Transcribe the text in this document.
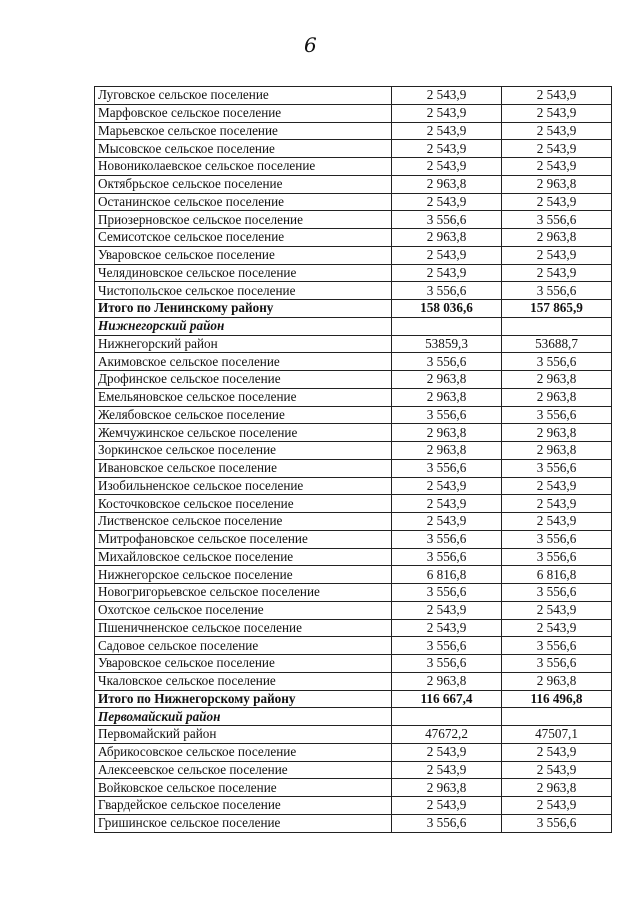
6
Луговское сельское поселение	2 543,9	2 543,9
Марфовское сельское поселение	2 543,9	2 543,9
Марьевское сельское поселение	2 543,9	2 543,9
Мысовское сельское поселение	2 543,9	2 543,9
Новониколаевское сельское поселение	2 543,9	2 543,9
Октябрьское сельское поселение	2 963,8	2 963,8
Останинское сельское поселение	2 543,9	2 543,9
Приозерновское сельское поселение	3 556,6	3 556,6
Семисотское сельское поселение	2 963,8	2 963,8
Уваровское сельское поселение	2 543,9	2 543,9
Челядиновское сельское поселение	2 543,9	2 543,9
Чистопольское сельское поселение	3 556,6	3 556,6
Итого по Ленинскому району	158 036,6	157 865,9
Нижнегорский район		
Нижнегорский район	53859,3	53688,7
Акимовское сельское поселение	3 556,6	3 556,6
Дрофинское сельское поселение	2 963,8	2 963,8
Емельяновское сельское поселение	2 963,8	2 963,8
Желябовское сельское поселение	3 556,6	3 556,6
Жемчужинское сельское поселение	2 963,8	2 963,8
Зоркинское сельское поселение	2 963,8	2 963,8
Ивановское сельское поселение	3 556,6	3 556,6
Изобильненское сельское поселение	2 543,9	2 543,9
Косточковское сельское поселение	2 543,9	2 543,9
Лиственское сельское поселение	2 543,9	2 543,9
Митрофановское сельское поселение	3 556,6	3 556,6
Михайловское сельское поселение	3 556,6	3 556,6
Нижнегорское сельское поселение	6 816,8	6 816,8
Новогригорьевское сельское поселение	3 556,6	3 556,6
Охотское сельское поселение	2 543,9	2 543,9
Пшеничненское сельское поселение	2 543,9	2 543,9
Садовое сельское поселение	3 556,6	3 556,6
Уваровское сельское поселение	3 556,6	3 556,6
Чкаловское сельское поселение	2 963,8	2 963,8
Итого по Нижнегорскому району	116 667,4	116 496,8
Первомайский район		
Первомайский район	47672,2	47507,1
Абрикосовское сельское поселение	2 543,9	2 543,9
Алексеевское сельское поселение	2 543,9	2 543,9
Войковское сельское поселение	2 963,8	2 963,8
Гвардейское сельское поселение	2 543,9	2 543,9
Гришинское сельское поселение	3 556,6	3 556,6
